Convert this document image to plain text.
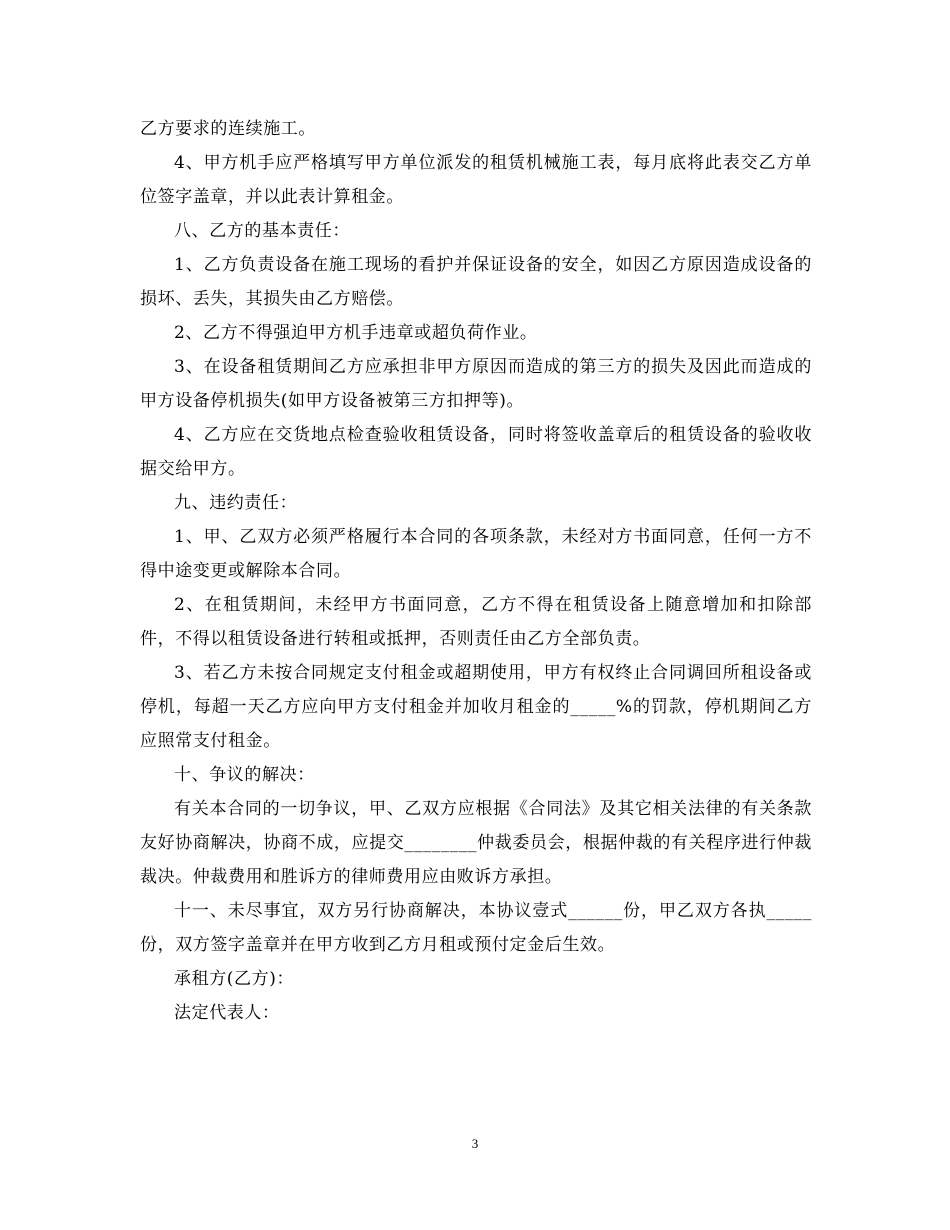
乙方要求的连续施工。

4、甲方机手应严格填写甲方单位派发的租赁机械施工表，每月底将此表交乙方单位签字盖章，并以此表计算租金。

八、乙方的基本责任：

1、乙方负责设备在施工现场的看护并保证设备的安全，如因乙方原因造成设备的损坏、丢失，其损失由乙方赔偿。

2、乙方不得强迫甲方机手违章或超负荷作业。

3、在设备租赁期间乙方应承担非甲方原因而造成的第三方的损失及因此而造成的甲方设备停机损失(如甲方设备被第三方扣押等)。

4、乙方应在交货地点检查验收租赁设备，同时将签收盖章后的租赁设备的验收收据交给甲方。

九、违约责任：

1、甲、乙双方必须严格履行本合同的各项条款，未经对方书面同意，任何一方不得中途变更或解除本合同。

2、在租赁期间，未经甲方书面同意，乙方不得在租赁设备上随意增加和扣除部件，不得以租赁设备进行转租或抵押，否则责任由乙方全部负责。

3、若乙方未按合同规定支付租金或超期使用，甲方有权终止合同调回所租设备或停机，每超一天乙方应向甲方支付租金并加收月租金的_____%的罚款，停机期间乙方应照常支付租金。

十、争议的解决：

有关本合同的一切争议，甲、乙双方应根据《合同法》及其它相关法律的有关条款友好协商解决，协商不成，应提交________仲裁委员会，根据仲裁的有关程序进行仲裁裁决。仲裁费用和胜诉方的律师费用应由败诉方承担。

十一、未尽事宜，双方另行协商解决，本协议壹式______份，甲乙双方各执_____份，双方签字盖章并在甲方收到乙方月租或预付定金后生效。

承租方(乙方)：

法定代表人：

3
